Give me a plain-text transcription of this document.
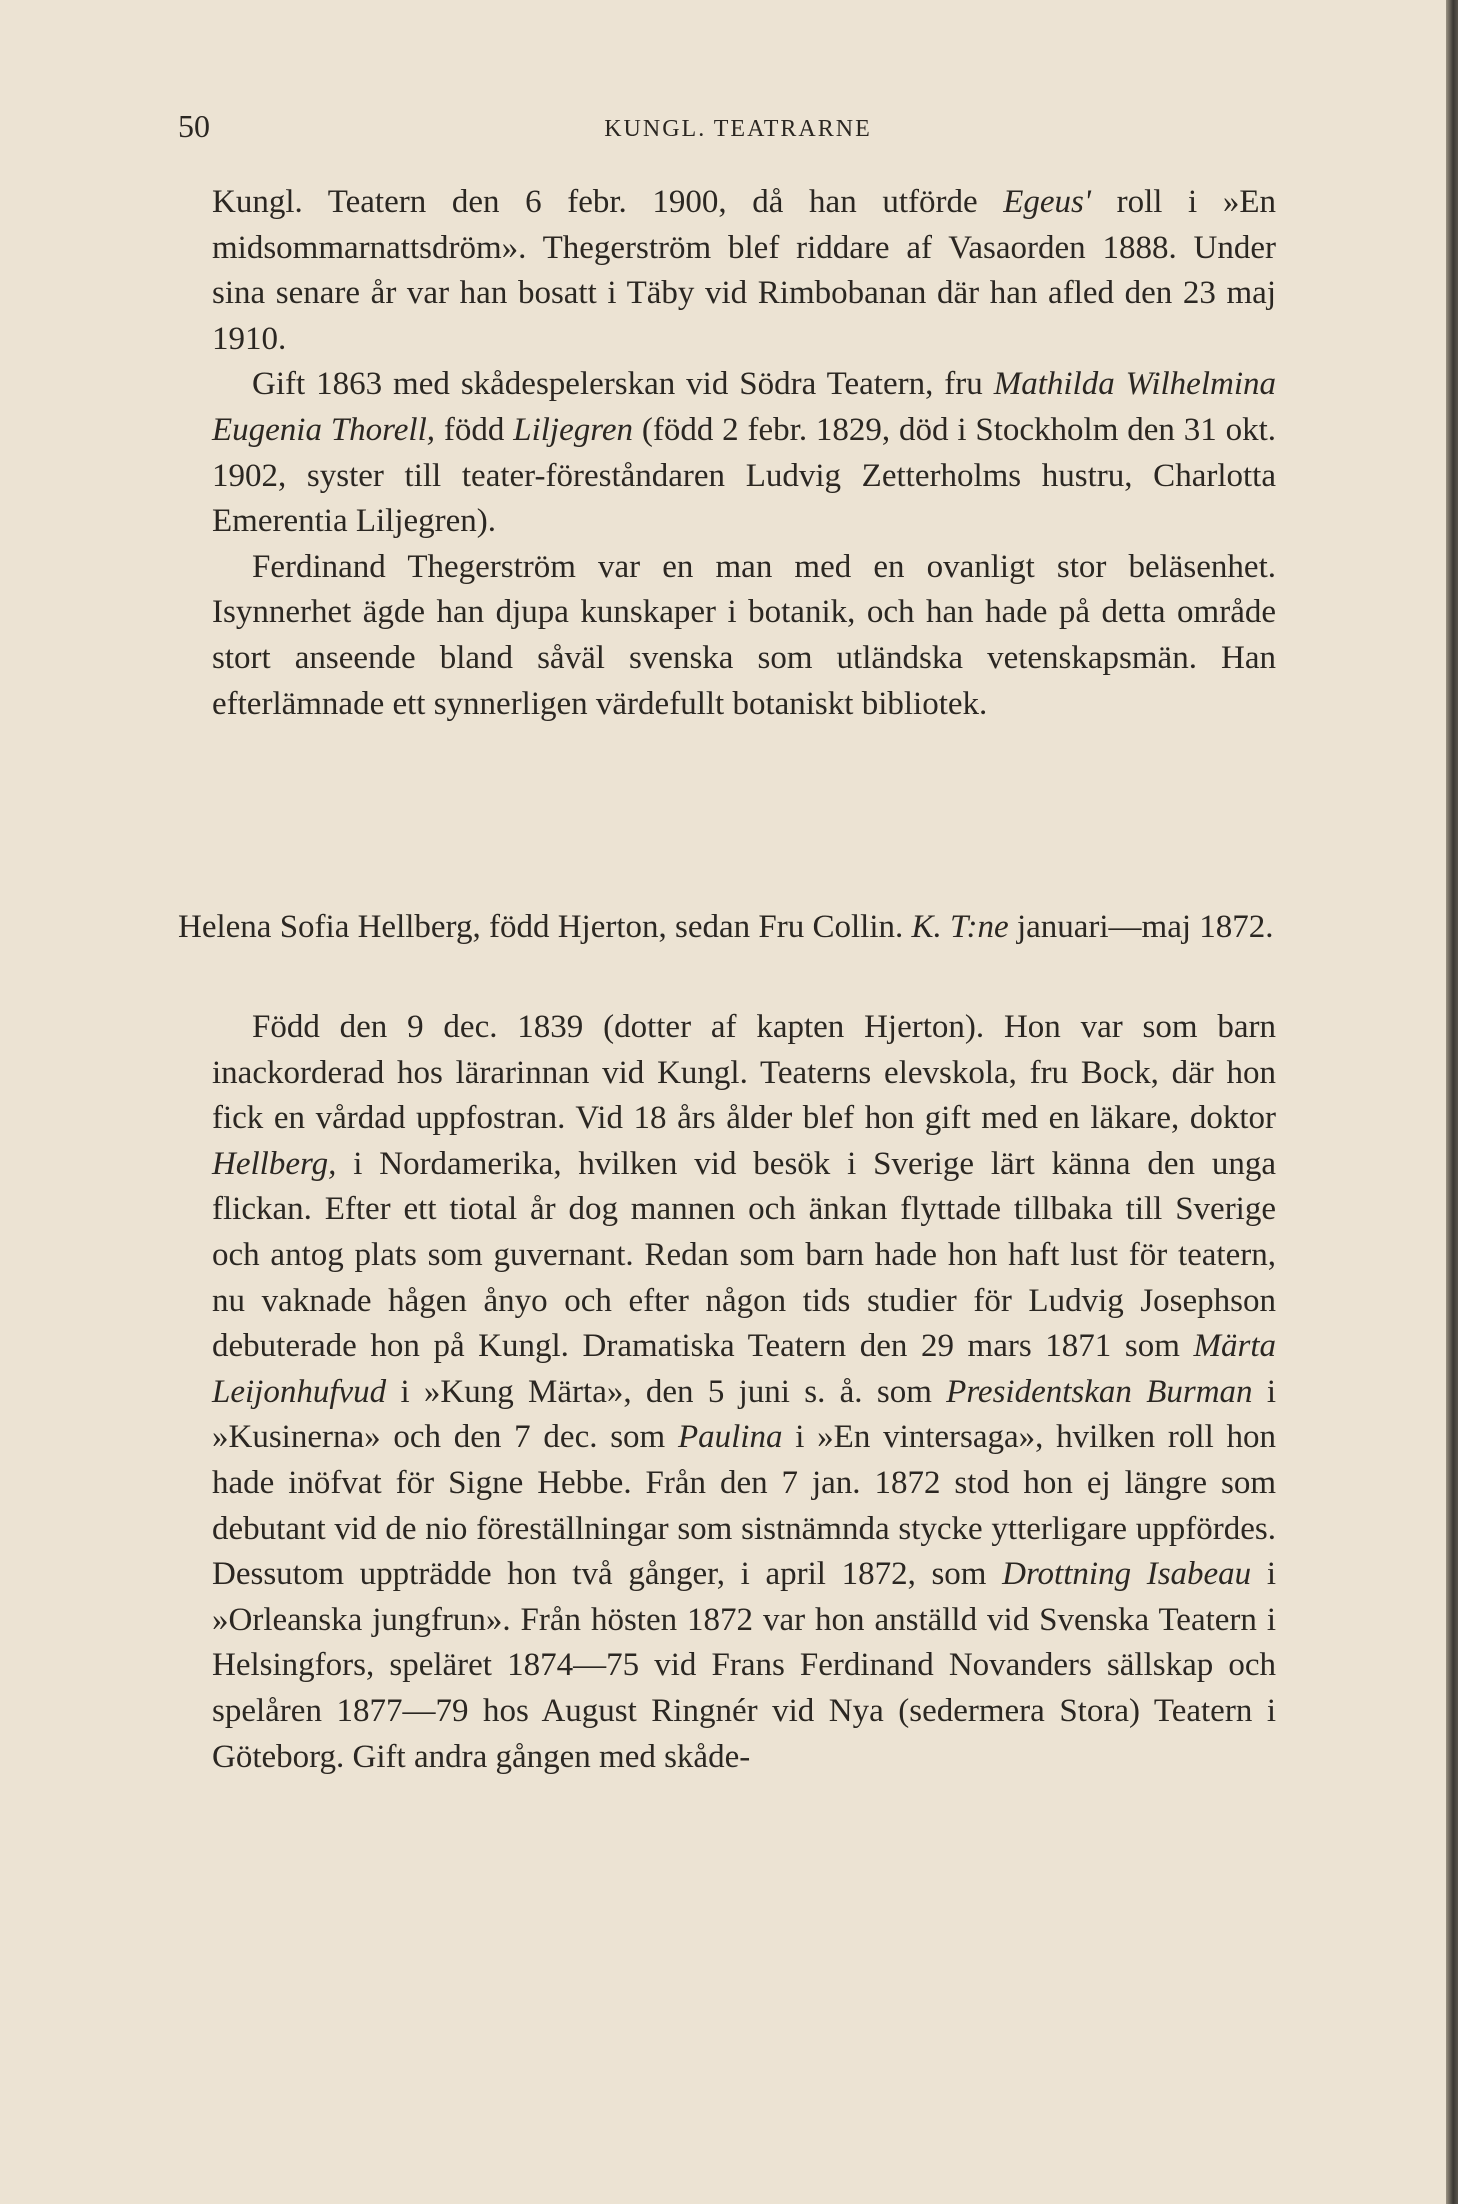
50	KUNGL. TEATRARNE

Kungl. Teatern den 6 febr. 1900, då han utförde Egeus' roll i »En midsommarnattsdröm». Thegerström blef riddare af Vasaorden 1888. Under sina senare år var han bosatt i Täby vid Rimbobanan där han afled den 23 maj 1910.

Gift 1863 med skådespelerskan vid Södra Teatern, fru Mathilda Wilhelmina Eugenia Thorell, född Liljegren (född 2 febr. 1829, död i Stockholm den 31 okt. 1902, syster till teater-föreståndaren Ludvig Zetterholms hustru, Charlotta Emerentia Liljegren).

Ferdinand Thegerström var en man med en ovanligt stor beläsenhet. Isynnerhet ägde han djupa kunskaper i botanik, och han hade på detta område stort anseende bland såväl svenska som utländska vetenskapsmän. Han efterlämnade ett synnerligen värdefullt botaniskt bibliotek.

Helena Sofia Hellberg, född Hjerton, sedan Fru Collin. K. T:ne januari—maj 1872.

Född den 9 dec. 1839 (dotter af kapten Hjerton). Hon var som barn inackorderad hos lärarinnan vid Kungl. Teaterns elevskola, fru Bock, där hon fick en vårdad uppfostran. Vid 18 års ålder blef hon gift med en läkare, doktor Hellberg, i Nordamerika, hvilken vid besök i Sverige lärt känna den unga flickan. Efter ett tiotal år dog mannen och änkan flyttade tillbaka till Sverige och antog plats som guvernant. Redan som barn hade hon haft lust för teatern, nu vaknade hågen ånyo och efter någon tids studier för Ludvig Josephson debuterade hon på Kungl. Dramatiska Teatern den 29 mars 1871 som Märta Leijonhufvud i »Kung Märta», den 5 juni s. å. som Presidentskan Burman i »Kusinerna» och den 7 dec. som Paulina i »En vintersaga», hvilken roll hon hade inöfvat för Signe Hebbe. Från den 7 jan. 1872 stod hon ej längre som debutant vid de nio föreställningar som sistnämnda stycke ytterligare uppfördes. Dessutom uppträdde hon två gånger, i april 1872, som Drottning Isabeau i »Orleanska jungfrun». Från hösten 1872 var hon anställd vid Svenska Teatern i Helsingfors, speläret 1874—75 vid Frans Ferdinand Novanders sällskap och spelåren 1877—79 hos August Ringnér vid Nya (sedermera Stora) Teatern i Göteborg. Gift andra gången med skåde-
